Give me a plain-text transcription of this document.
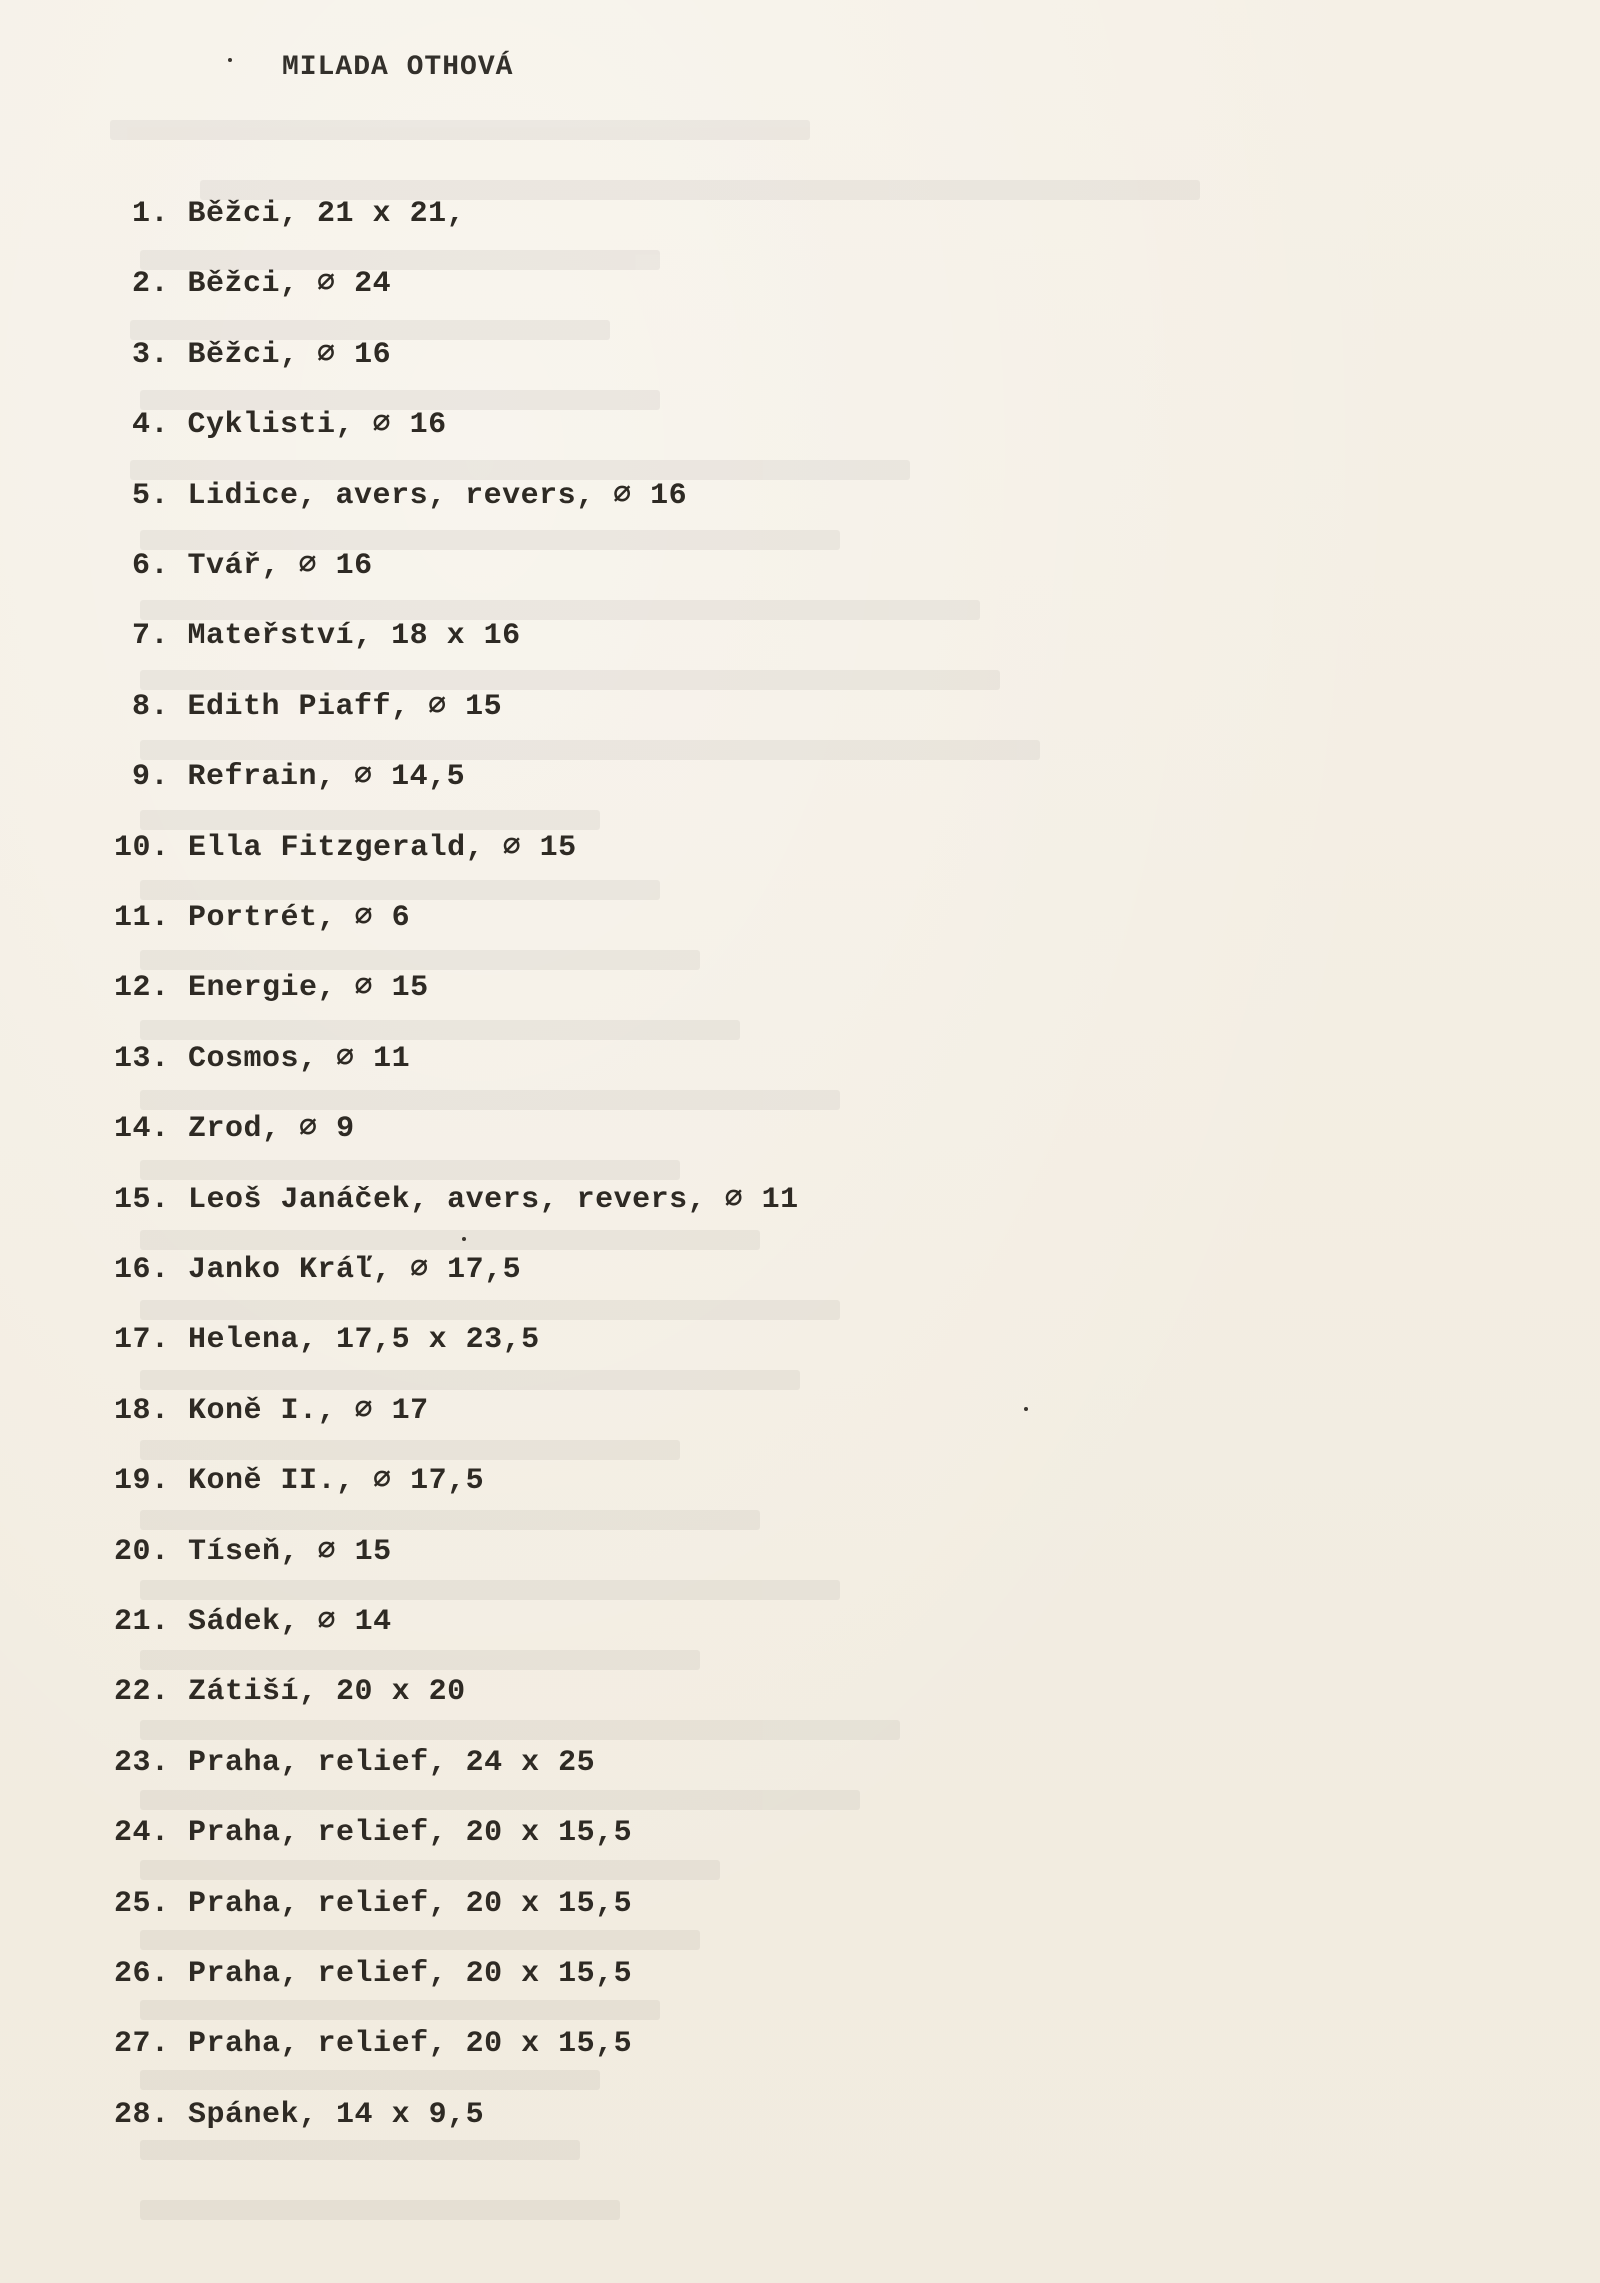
MILADA OTHOVÁ
1. Běžci, 21 x 21,
2. Běžci, ∅ 24
3. Běžci, ∅ 16
4. Cyklisti, ∅ 16
5. Lidice, avers, revers, ∅ 16
6. Tvář, ∅ 16
7. Mateřství, 18 x 16
8. Edith Piaff, ∅ 15
9. Refrain, ∅ 14,5
10. Ella Fitzgerald, ∅ 15
11. Portrét, ∅ 6
12. Energie, ∅ 15
13. Cosmos, ∅ 11
14. Zrod, ∅ 9
15. Leoš Janáček, avers, revers, ∅ 11
16. Janko Kráľ, ∅ 17,5
17. Helena, 17,5 x 23,5
18. Koně I., ∅ 17
19. Koně II., ∅ 17,5
20. Tíseň, ∅ 15
21. Sádek, ∅ 14
22. Zátiší, 20 x 20
23. Praha, relief, 24 x 25
24. Praha, relief, 20 x 15,5
25. Praha, relief, 20 x 15,5
26. Praha, relief, 20 x 15,5
27. Praha, relief, 20 x 15,5
28. Spánek, 14 x 9,5
